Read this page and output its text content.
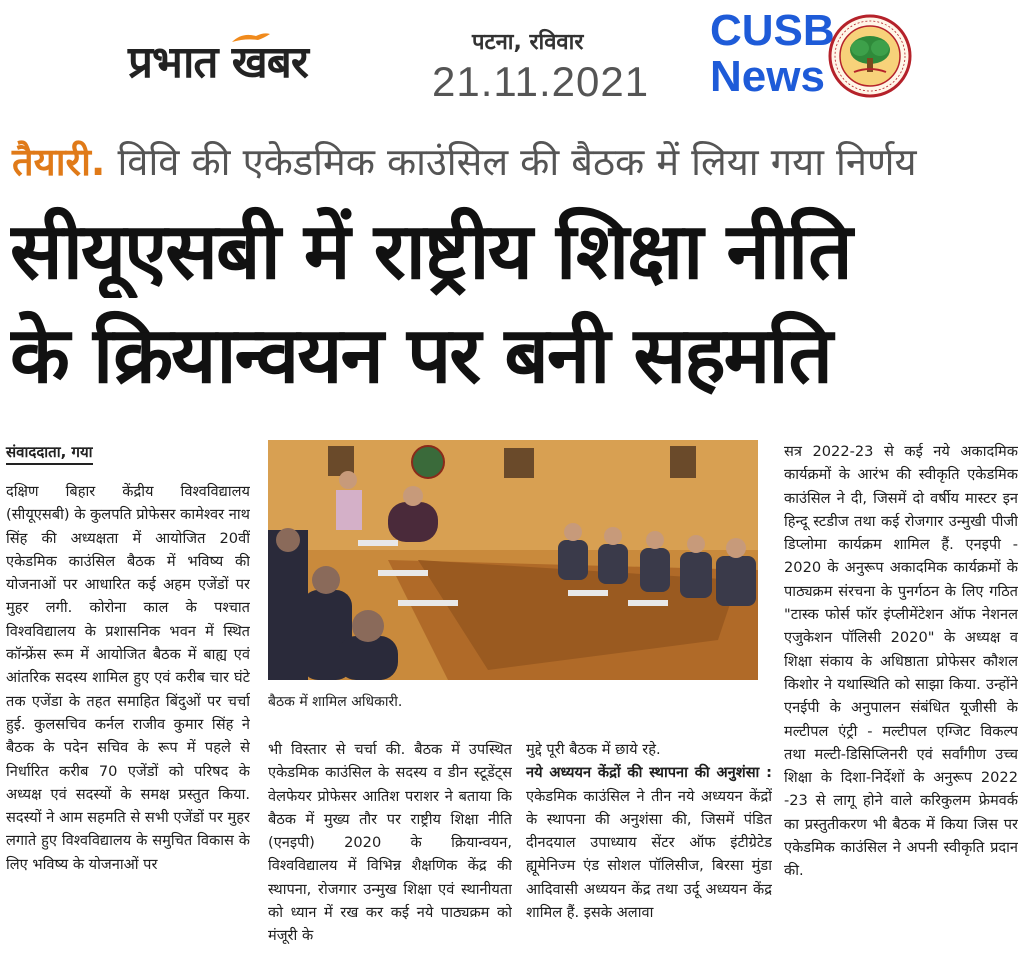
प्रभात खबर	पटना, रविवार
21.11.2021
CUSB
News
तैयारी. विवि की एकेडमिक काउंसिल की बैठक में लिया गया निर्णय
सीयूएसबी में राष्ट्रीय शिक्षा नीति
के क्रियान्वयन पर बनी सहमति
संवाददाता, गया

दक्षिण बिहार केंद्रीय विश्वविद्यालय (सीयूएसबी) के कुलपति प्रोफेसर कामेश्वर नाथ सिंह की अध्यक्षता में आयोजित 20वीं एकेडमिक काउंसिल बैठक में भविष्य की योजनाओं पर आधारित कई अहम एजेंडों पर मुहर लगी. कोरोना काल के पश्चात विश्वविद्यालय के प्रशासनिक भवन में स्थित कॉन्फ्रेंस रूम में आयोजित बैठक में बाह्य एवं आंतरिक सदस्य शामिल हुए एवं करीब चार घंटे तक एजेंडा के तहत समाहित बिंदुओं पर चर्चा हुई. कुलसचिव कर्नल राजीव कुमार सिंह ने बैठक के पदेन सचिव के रूप में पहले से निर्धारित करीब 70 एजेंडों को परिषद के अध्यक्ष एवं सदस्यों के समक्ष प्रस्तुत किया. सदस्यों ने आम सहमति से सभी एजेंडों पर मुहर लगाते हुए विश्वविद्यालय के समुचित विकास के लिए भविष्य के योजनाओं पर

बैठक में शामिल अधिकारी.

भी विस्तार से चर्चा की. बैठक में उपस्थित एकेडमिक काउंसिल के सदस्य व डीन स्टूडेंट्स वेलफेयर प्रोफेसर आतिश पराशर ने बताया कि बैठक में मुख्य तौर पर राष्ट्रीय शिक्षा नीति (एनइपी) 2020 के क्रियान्वयन, विश्वविद्यालय में विभिन्न शैक्षणिक केंद्र की स्थापना, रोजगार उन्मुख शिक्षा एवं स्थानीयता को ध्यान में रख कर कई नये पाठ्यक्रम को मंजूरी के

मुद्दे पूरी बैठक में छाये रहे.
नये अध्ययन केंद्रों की स्थापना की अनुशंसा : एकेडमिक काउंसिल ने तीन नये अध्ययन केंद्रों के स्थापना की अनुशंसा की, जिसमें पंडित दीनदयाल उपाध्याय सेंटर ऑफ इंटीग्रेटेड ह्यूमेनिज्म एंड सोशल पॉलिसीज, बिरसा मुंडा आदिवासी अध्ययन केंद्र तथा उर्दू अध्ययन केंद्र शामिल हैं. इसके अलावा

सत्र 2022-23 से कई नये अकादमिक कार्यक्रमों के आरंभ की स्वीकृति एकेडमिक काउंसिल ने दी, जिसमें दो वर्षीय मास्टर इन हिन्दू स्टडीज तथा कई रोजगार उन्मुखी पीजी डिप्लोमा कार्यक्रम शामिल हैं. एनइपी - 2020 के अनुरूप अकादमिक कार्यक्रमों के पाठ्यक्रम संरचना के पुनर्गठन के लिए गठित "टास्क फोर्स फॉर इंप्लीमेंटेशन ऑफ नेशनल एजुकेशन पॉलिसी 2020" के अध्यक्ष व शिक्षा संकाय के अधिष्ठाता प्रोफेसर कौशल किशोर ने यथास्थिति को साझा किया. उन्होंने एनईपी के अनुपालन संबंधित यूजीसी के मल्टीपल एंट्री - मल्टीपल एग्जिट विकल्प तथा मल्टी-डिसिप्लिनरी एवं सर्वांगीण उच्च शिक्षा के दिशा-निर्देशों के अनुरूप 2022 -23 से लागू होने वाले करिकुलम फ्रेमवर्क का प्रस्तुतीकरण भी बैठक में किया जिस पर एकेडमिक काउंसिल ने अपनी स्वीकृति प्रदान की.
